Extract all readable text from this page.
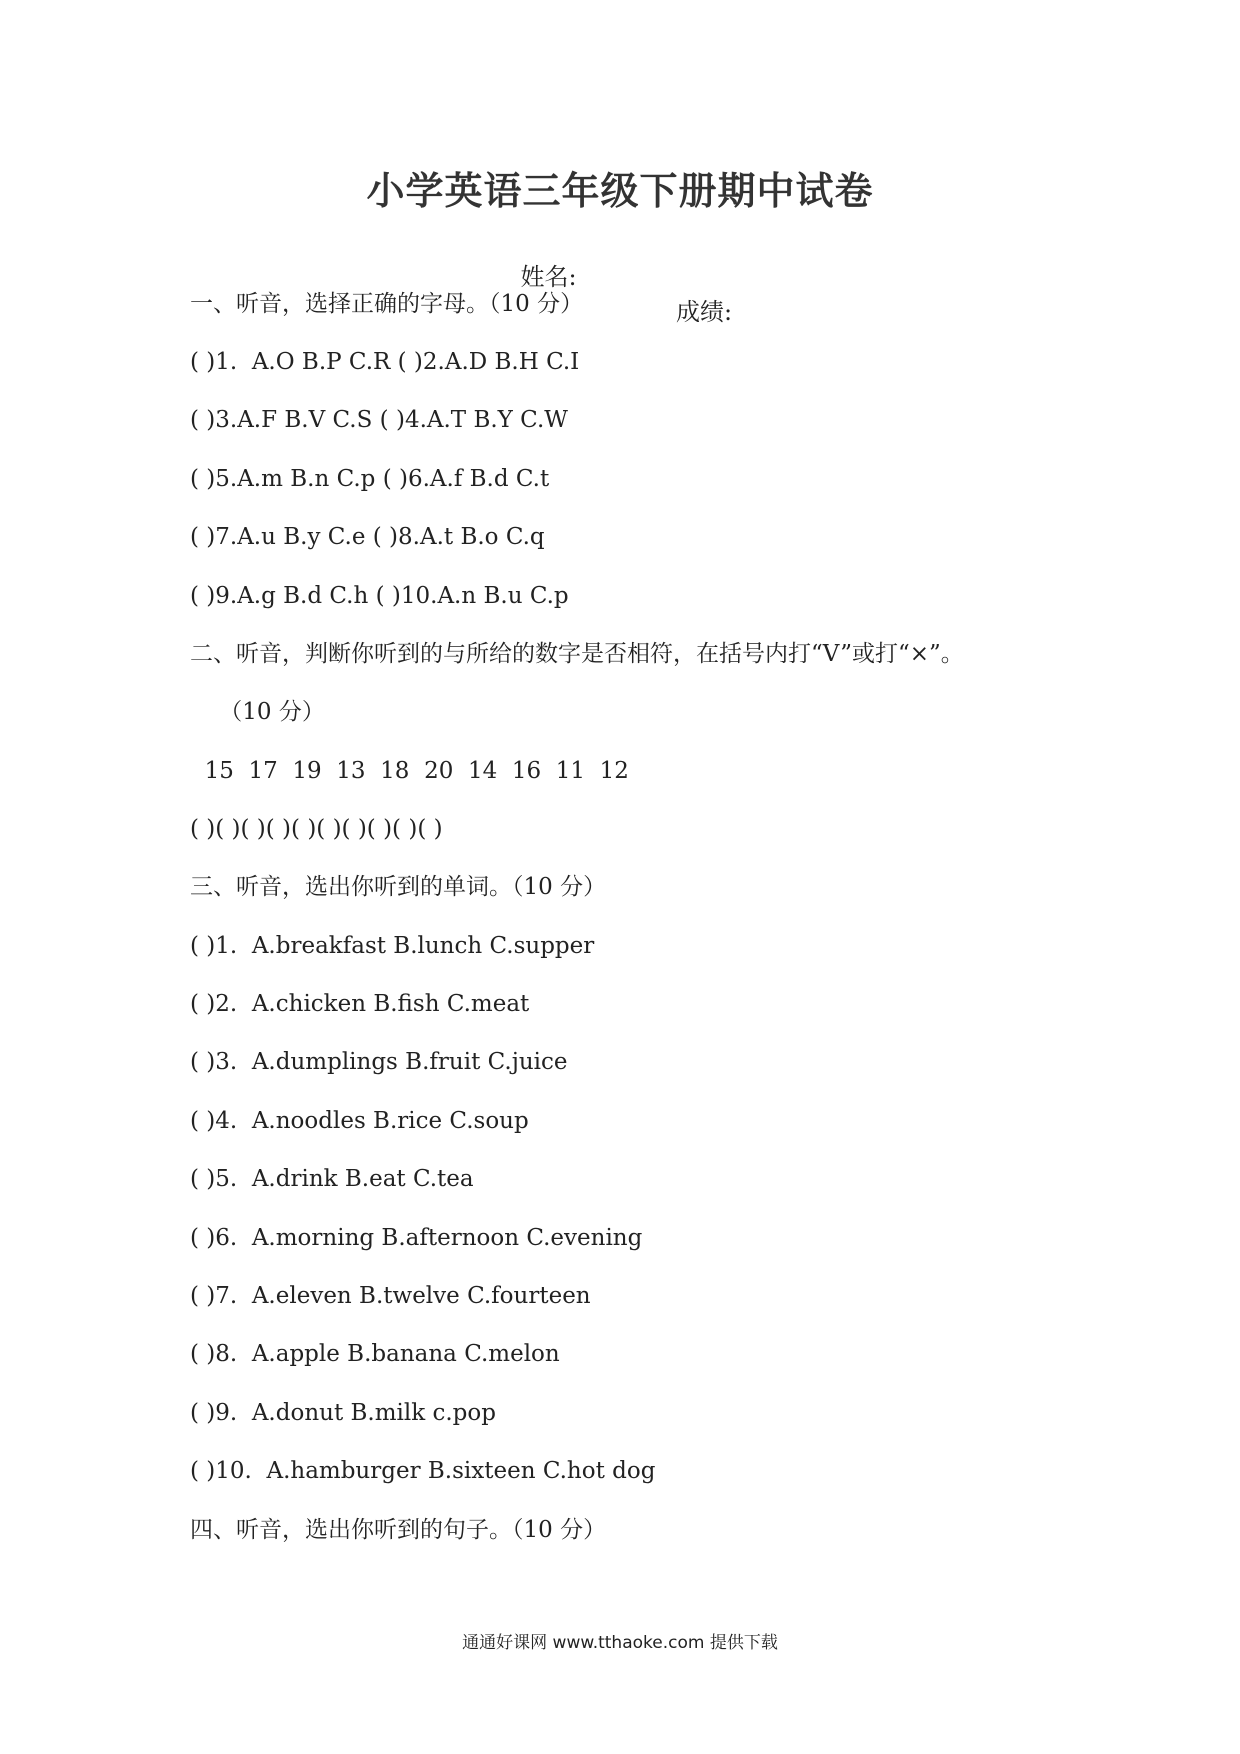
小学英语三年级下册期中试卷

姓名:

成绩:

一、听音，选择正确的字母。（10 分）
( )1.  A.O B.P C.R ( )2.A.D B.H C.I
( )3.A.F B.V C.S ( )4.A.T B.Y C.W
( )5.A.m B.n C.p ( )6.A.f B.d C.t
( )7.A.u B.y C.e ( )8.A.t B.o C.q
( )9.A.g B.d C.h ( )10.A.n B.u C.p
二、听音，判断你听到的与所给的数字是否相符，在括号内打“V”或打“×”。
（10 分）
15  17  19  13  18  20  14  16  11  12
( )( )( )( )( )( )( )( )( )( )
三、听音，选出你听到的单词。（10 分）
( )1.  A.breakfast B.lunch C.supper
( )2.  A.chicken B.fish C.meat
( )3.  A.dumplings B.fruit C.juice
( )4.  A.noodles B.rice C.soup
( )5.  A.drink B.eat C.tea
( )6.  A.morning B.afternoon C.evening
( )7.  A.eleven B.twelve C.fourteen
( )8.  A.apple B.banana C.melon
( )9.  A.donut B.milk c.pop
( )10.  A.hamburger B.sixteen C.hot dog
四、听音，选出你听到的句子。（10 分）
通通好课网 www.tthaoke.com 提供下载
